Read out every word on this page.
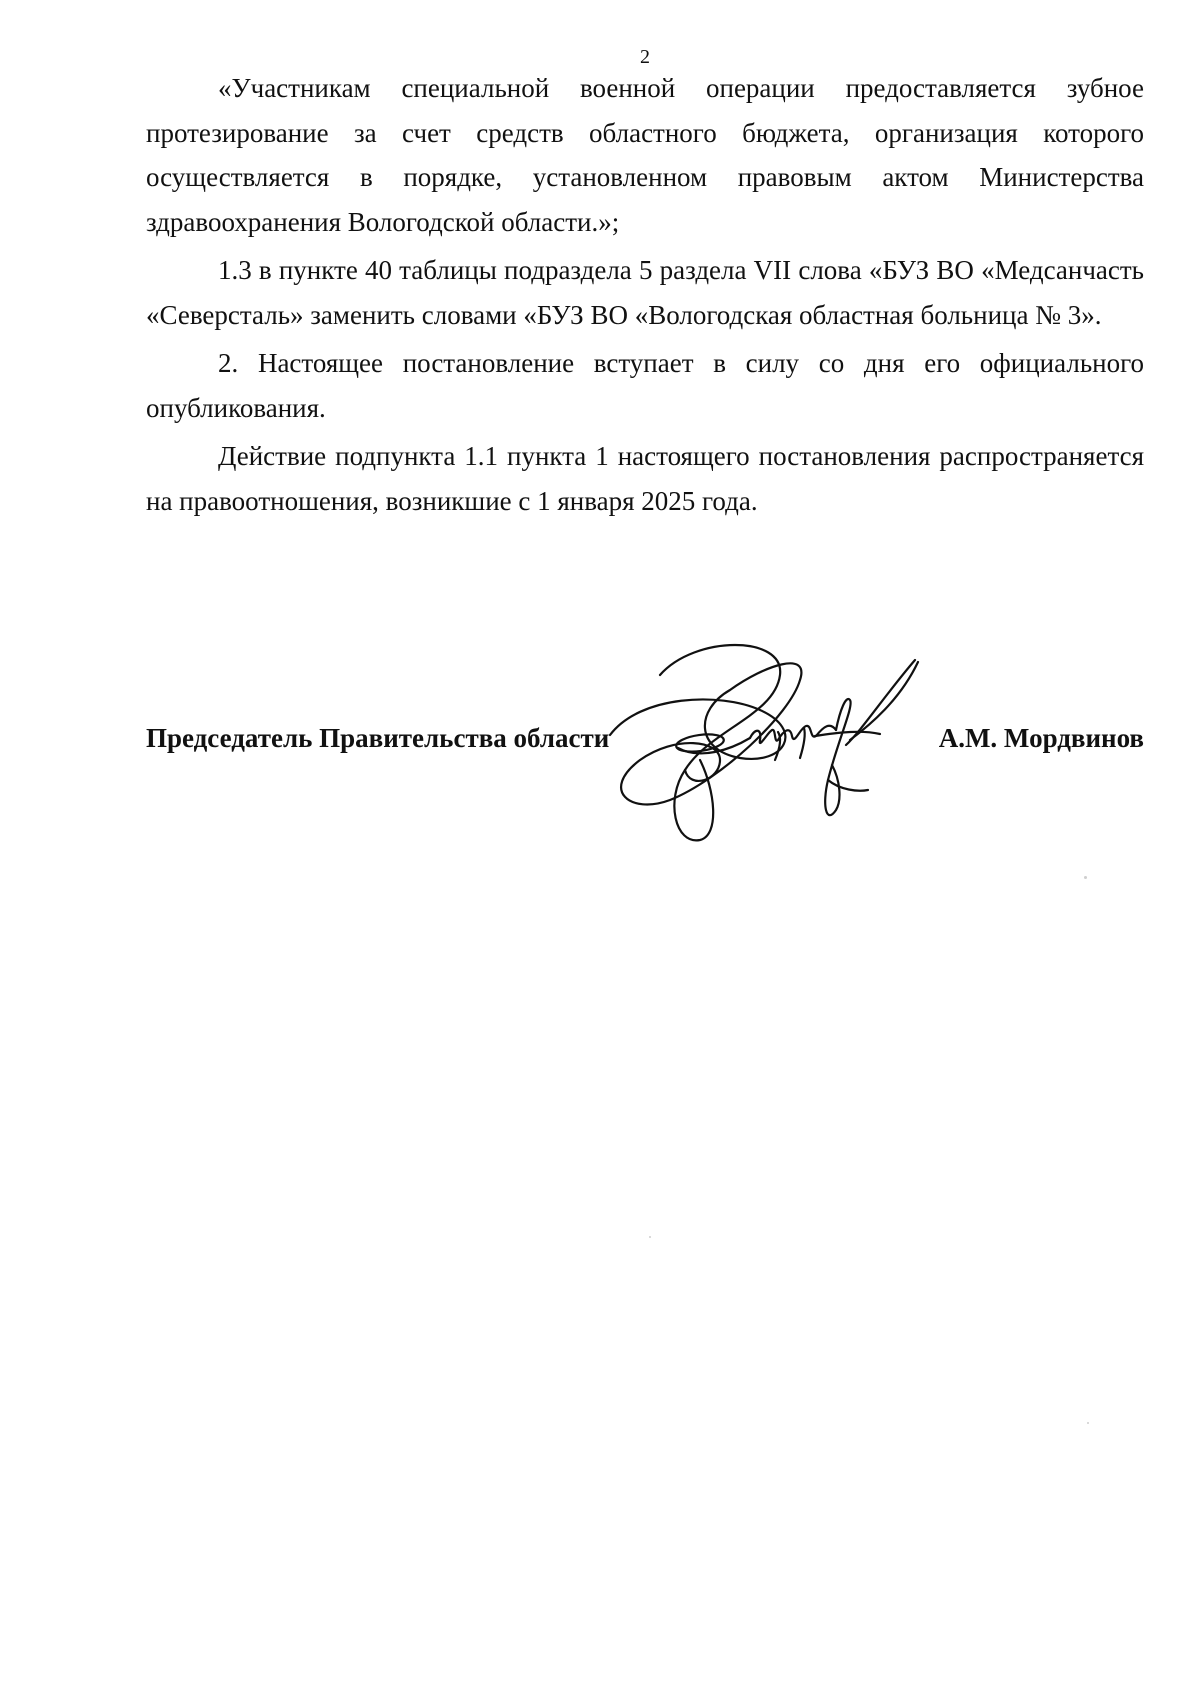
2

«Участникам специальной военной операции предоставляется зубное протезирование за счет средств областного бюджета, организация которого осуществляется в порядке, установленном правовым актом Министерства здравоохранения Вологодской области.»;

1.3 в пункте 40 таблицы подраздела 5 раздела VII слова «БУЗ ВО «Медсанчасть «Северсталь» заменить словами «БУЗ ВО «Вологодская областная больница № 3».

2. Настоящее постановление вступает в силу со дня его официального опубликования.

Действие подпункта 1.1 пункта 1 настоящего постановления распространяется на правоотношения, возникшие с 1 января 2025 года.

Председатель Правительства области	А.М. Мордвинов
